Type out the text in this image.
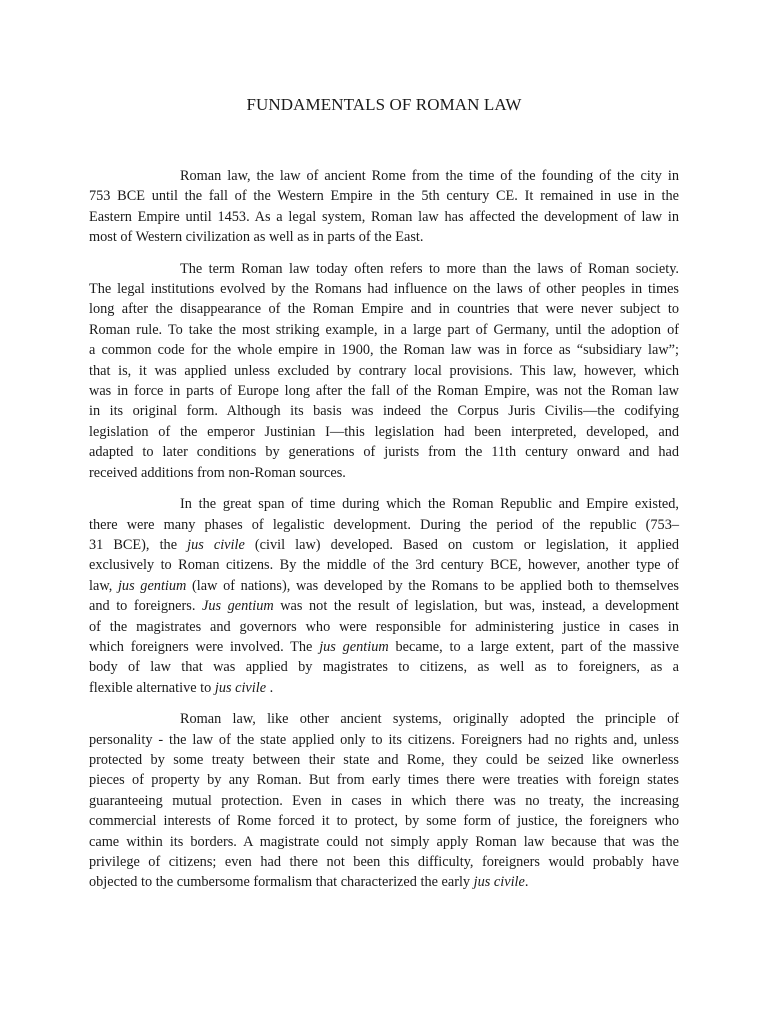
FUNDAMENTALS OF ROMAN LAW
Roman law, the law of ancient Rome from the time of the founding of the city in
753 BCE until the fall of the Western Empire in the 5th century CE. It remained in use in the
Eastern Empire until 1453. As a legal system, Roman law has affected the development of law in
most of Western civilization as well as in parts of the East.
The term Roman law today often refers to more than the laws of Roman society.
The legal institutions evolved by the Romans had influence on the laws of other peoples in times
long after the disappearance of the Roman Empire and in countries that were never subject to
Roman rule. To take the most striking example, in a large part of Germany, until the adoption of
a common code for the whole empire in 1900, the Roman law was in force as “subsidiary law”;
that is, it was applied unless excluded by contrary local provisions. This law, however, which
was in force in parts of Europe long after the fall of the Roman Empire, was not the Roman law
in its original form. Although its basis was indeed the Corpus Juris Civilis—the codifying
legislation of the emperor Justinian I—this legislation had been interpreted, developed, and
adapted to later conditions by generations of jurists from the 11th century onward and had
received additions from non-Roman sources.
In the great span of time during which the Roman Republic and Empire existed,
there were many phases of legalistic development. During the period of the republic (753–
31 BCE), the jus civile (civil law) developed. Based on custom or legislation, it applied
exclusively to Roman citizens. By the middle of the 3rd century BCE, however, another type of
law, jus gentium (law of nations), was developed by the Romans to be applied both to themselves
and to foreigners. Jus gentium was not the result of legislation, but was, instead, a development
of the magistrates and governors who were responsible for administering justice in cases in
which foreigners were involved. The jus gentium became, to a large extent, part of the massive
body of law that was applied by magistrates to citizens, as well as to foreigners, as a
flexible alternative to jus civile .
Roman law, like other ancient systems, originally adopted the principle of
personality - the law of the state applied only to its citizens. Foreigners had no rights and, unless
protected by some treaty between their state and Rome, they could be seized like ownerless
pieces of property by any Roman. But from early times there were treaties with foreign states
guaranteeing mutual protection. Even in cases in which there was no treaty, the increasing
commercial interests of Rome forced it to protect, by some form of justice, the foreigners who
came within its borders. A magistrate could not simply apply Roman law because that was the
privilege of citizens; even had there not been this difficulty, foreigners would probably have
objected to the cumbersome formalism that characterized the early jus civile.
